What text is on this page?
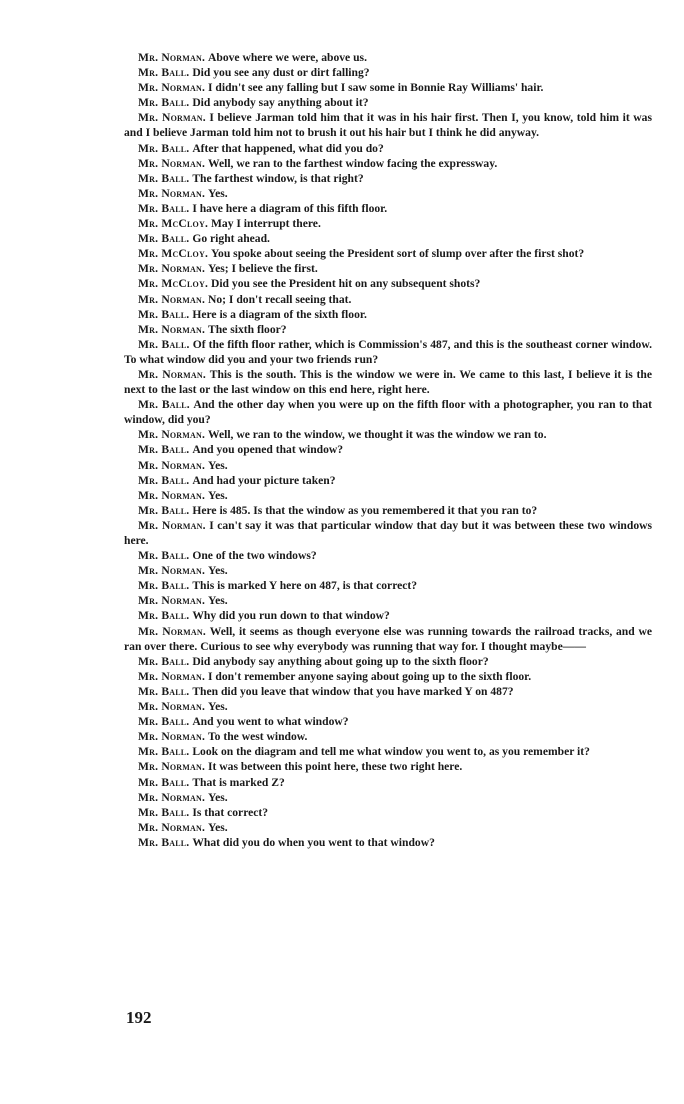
Mr. Norman. Above where we were, above us.

Mr. Ball. Did you see any dust or dirt falling?

Mr. Norman. I didn't see any falling but I saw some in Bonnie Ray Williams' hair.

Mr. Ball. Did anybody say anything about it?

Mr. Norman. I believe Jarman told him that it was in his hair first. Then I, you know, told him it was and I believe Jarman told him not to brush it out his hair but I think he did anyway.

Mr. Ball. After that happened, what did you do?

Mr. Norman. Well, we ran to the farthest window facing the expressway.

Mr. Ball. The farthest window, is that right?

Mr. Norman. Yes.

Mr. Ball. I have here a diagram of this fifth floor.

Mr. McCloy. May I interrupt there.

Mr. Ball. Go right ahead.

Mr. McCloy. You spoke about seeing the President sort of slump over after the first shot?

Mr. Norman. Yes; I believe the first.

Mr. McCloy. Did you see the President hit on any subsequent shots?

Mr. Norman. No; I don't recall seeing that.

Mr. Ball. Here is a diagram of the sixth floor.

Mr. Norman. The sixth floor?

Mr. Ball. Of the fifth floor rather, which is Commission's 487, and this is the southeast corner window. To what window did you and your two friends run?

Mr. Norman. This is the south. This is the window we were in. We came to this last, I believe it is the next to the last or the last window on this end here, right here.

Mr. Ball. And the other day when you were up on the fifth floor with a photographer, you ran to that window, did you?

Mr. Norman. Well, we ran to the window, we thought it was the window we ran to.

Mr. Ball. And you opened that window?

Mr. Norman. Yes.

Mr. Ball. And had your picture taken?

Mr. Norman. Yes.

Mr. Ball. Here is 485. Is that the window as you remembered it that you ran to?

Mr. Norman. I can't say it was that particular window that day but it was between these two windows here.

Mr. Ball. One of the two windows?

Mr. Norman. Yes.

Mr. Ball. This is marked Y here on 487, is that correct?

Mr. Norman. Yes.

Mr. Ball. Why did you run down to that window?

Mr. Norman. Well, it seems as though everyone else was running towards the railroad tracks, and we ran over there. Curious to see why everybody was running that way for. I thought maybe——

Mr. Ball. Did anybody say anything about going up to the sixth floor?

Mr. Norman. I don't remember anyone saying about going up to the sixth floor.

Mr. Ball. Then did you leave that window that you have marked Y on 487?

Mr. Norman. Yes.

Mr. Ball. And you went to what window?

Mr. Norman. To the west window.

Mr. Ball. Look on the diagram and tell me what window you went to, as you remember it?

Mr. Norman. It was between this point here, these two right here.

Mr. Ball. That is marked Z?

Mr. Norman. Yes.

Mr. Ball. Is that correct?

Mr. Norman. Yes.

Mr. Ball. What did you do when you went to that window?

192
